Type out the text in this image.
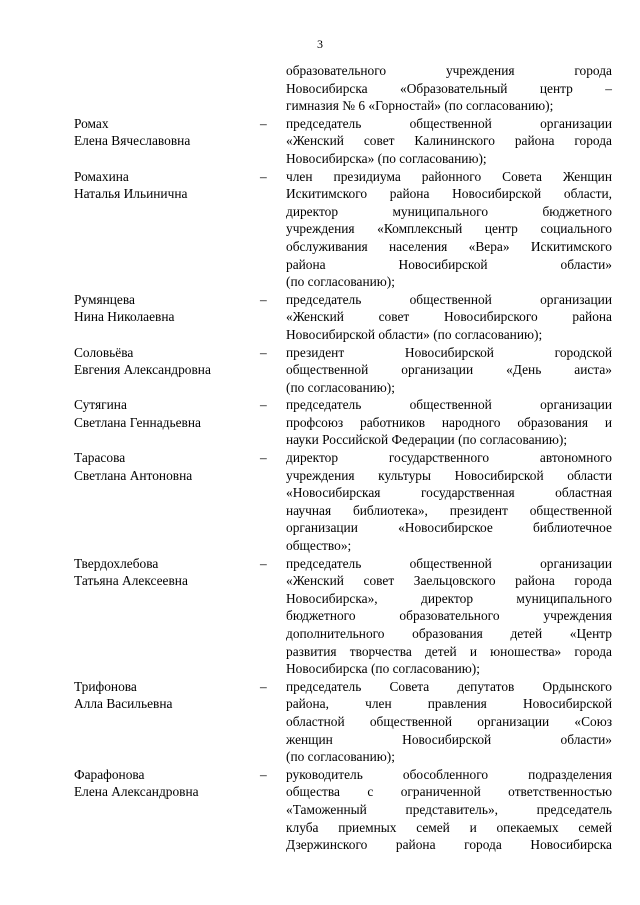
3
образовательного учреждения города
Новосибирска «Образовательный центр –
гимназия № 6 «Горностай» (по согласованию);
Ромах
Елена Вячеславовна
–	председатель общественной организации
«Женский совет Калининского района города
Новосибирска» (по согласованию);
Ромахина
Наталья Ильинична
–	член президиума районного Совета Женщин
Искитимского района Новосибирской области,
директор муниципального бюджетного
учреждения «Комплексный центр социального
обслуживания населения «Вера» Искитимского
района Новосибирской области»
(по согласованию);
Румянцева
Нина Николаевна
–	председатель общественной организации
«Женский совет Новосибирского района
Новосибирской области» (по согласованию);
Соловьёва
Евгения Александровна
–	президент Новосибирской городской
общественной организации «День аиста»
(по согласованию);
Сутягина
Светлана Геннадьевна
–	председатель общественной организации
профсоюз работников народного образования и
науки Российской Федерации (по согласованию);
Тарасова
Светлана Антоновна
–	директор государственного автономного
учреждения культуры Новосибирской области
«Новосибирская государственная областная
научная библиотека», президент общественной
организации «Новосибирское библиотечное
общество»;
Твердохлебова
Татьяна Алексеевна
–	председатель общественной организации
«Женский совет Заельцовского района города
Новосибирска», директор муниципального
бюджетного образовательного учреждения
дополнительного образования детей «Центр
развития творчества детей и юношества» города
Новосибирска (по согласованию);
Трифонова
Алла Васильевна
–	председатель Совета депутатов Ордынского
района, член правления Новосибирской
областной общественной организации «Союз
женщин Новосибирской области»
(по согласованию);
Фарафонова
Елена Александровна
–	руководитель обособленного подразделения
общества с ограниченной ответственностью
«Таможенный представитель», председатель
клуба приемных семей и опекаемых семей
Дзержинского района города Новосибирска
